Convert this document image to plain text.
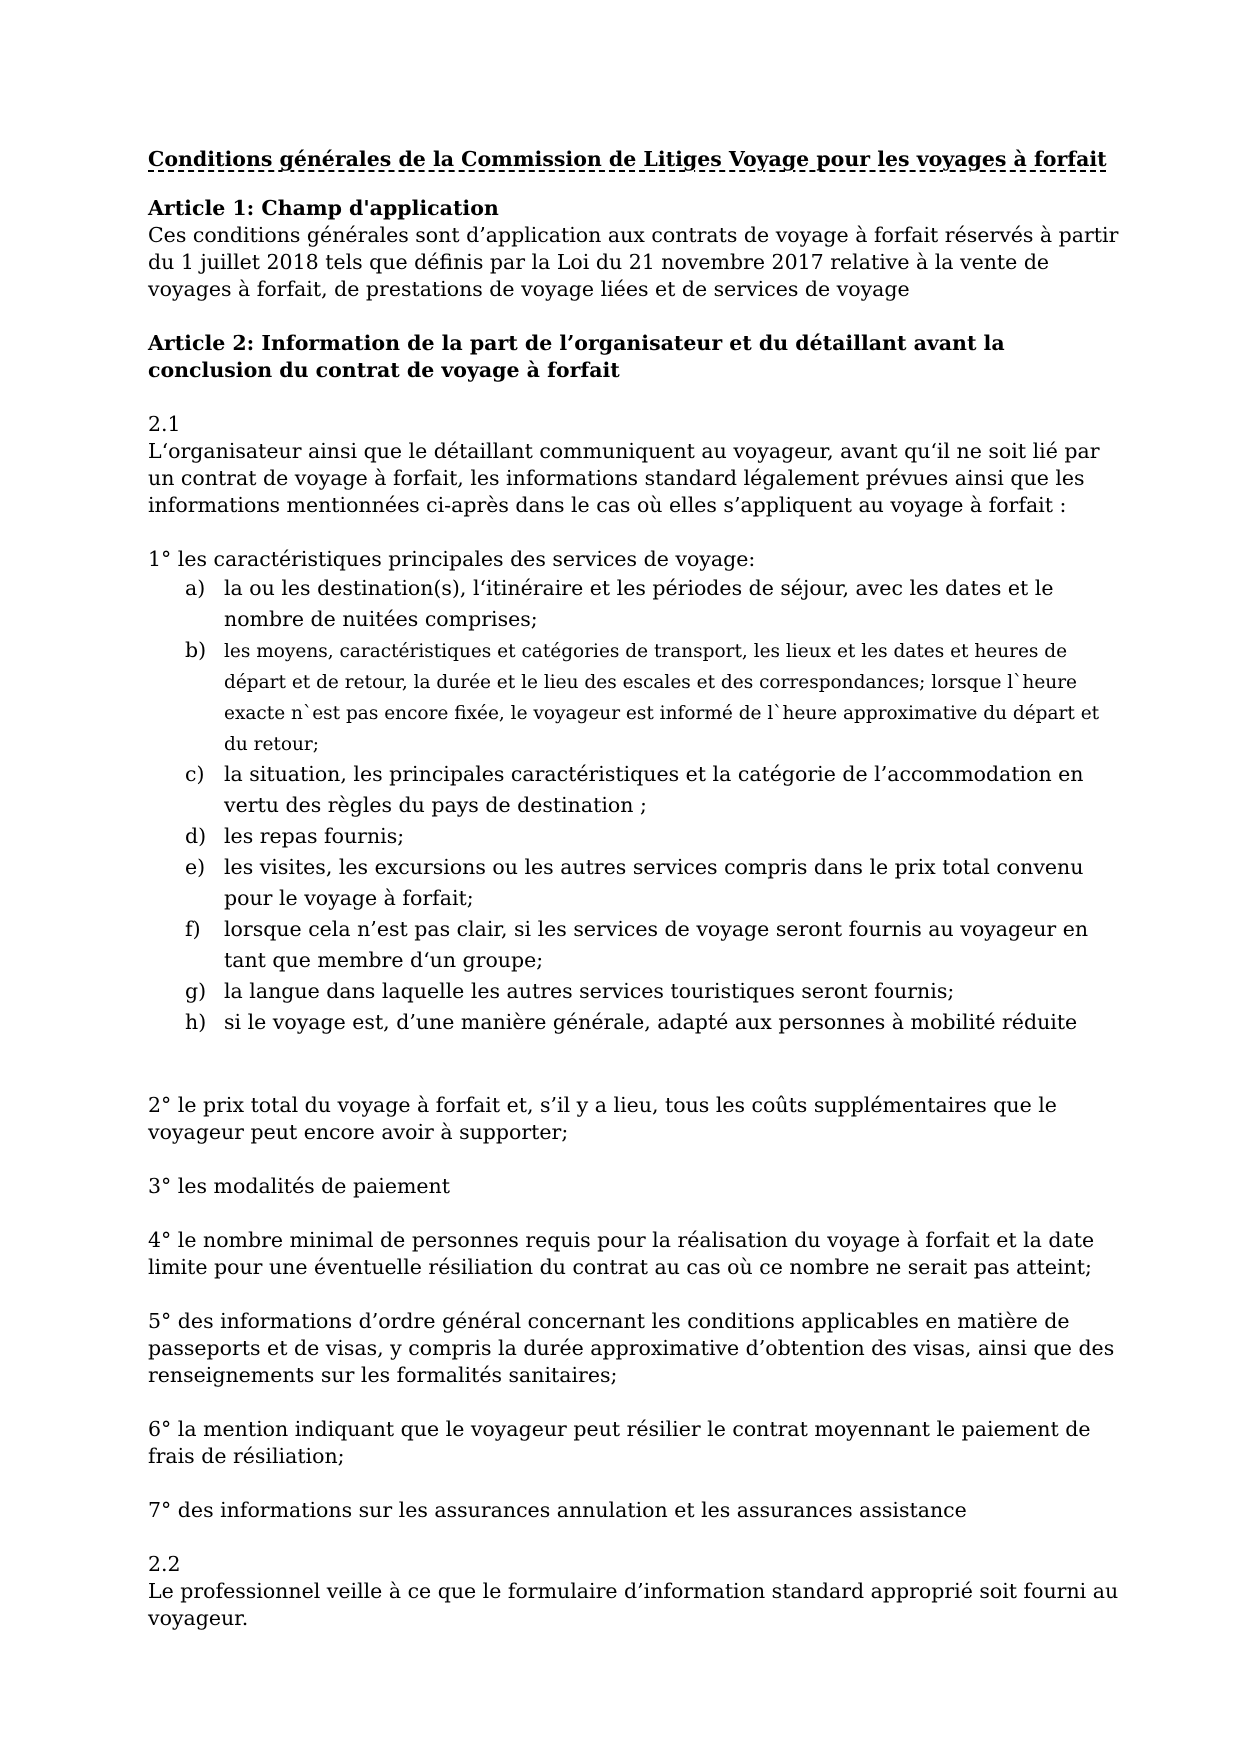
Conditions générales de la Commission de Litiges Voyage pour les voyages à forfait

Article 1: Champ d'application

Ces conditions générales sont d’application aux contrats de voyage à forfait réservés à partir du 1 juillet 2018 tels que définis par la Loi du 21 novembre 2017 relative à la vente de voyages à forfait, de prestations de voyage liées et de services de voyage

Article 2: Information de la part de l’organisateur et du détaillant avant la conclusion du contrat de voyage à forfait

2.1

L‘organisateur ainsi que le détaillant communiquent au voyageur, avant qu‘il ne soit lié par un contrat de voyage à forfait, les informations standard légalement prévues ainsi que les informations mentionnées ci-après dans le cas où elles s’appliquent au voyage à forfait :

1° les caractéristiques principales des services de voyage:

a) la ou les destination(s), l‘itinéraire et les périodes de séjour, avec les dates et le nombre de nuitées comprises;
b) les moyens, caractéristiques et catégories de transport, les lieux et les dates et heures de départ et de retour, la durée et le lieu des escales et des correspondances; lorsque l`heure exacte n`est pas encore fixée, le voyageur est informé de l`heure approximative du départ et du retour;
c) la situation, les principales caractéristiques et la catégorie de l’accommodation en vertu des règles du pays de destination ;
d) les repas fournis;
e) les visites, les excursions ou les autres services compris dans le prix total convenu pour le voyage à forfait;
f) lorsque cela n’est pas clair, si les services de voyage seront fournis au voyageur en tant que membre d‘un groupe;
g) la langue dans laquelle les autres services touristiques seront fournis;
h) si le voyage est, d’une manière générale, adapté aux personnes à mobilité réduite

2° le prix total du voyage à forfait et, s’il y a lieu, tous les coûts supplémentaires que le voyageur peut encore avoir à supporter;

3° les modalités de paiement

4° le nombre minimal de personnes requis pour la réalisation du voyage à forfait et la date limite pour une éventuelle résiliation du contrat au cas où ce nombre ne serait pas atteint;

5° des informations d’ordre général concernant les conditions applicables en matière de passeports et de visas, y compris la durée approximative d’obtention des visas, ainsi que des renseignements sur les formalités sanitaires;

6° la mention indiquant que le voyageur peut résilier le contrat moyennant le paiement de frais de résiliation;

7° des informations sur les assurances annulation et les assurances assistance

2.2

Le professionnel veille à ce que le formulaire d’information standard approprié soit fourni au voyageur.
